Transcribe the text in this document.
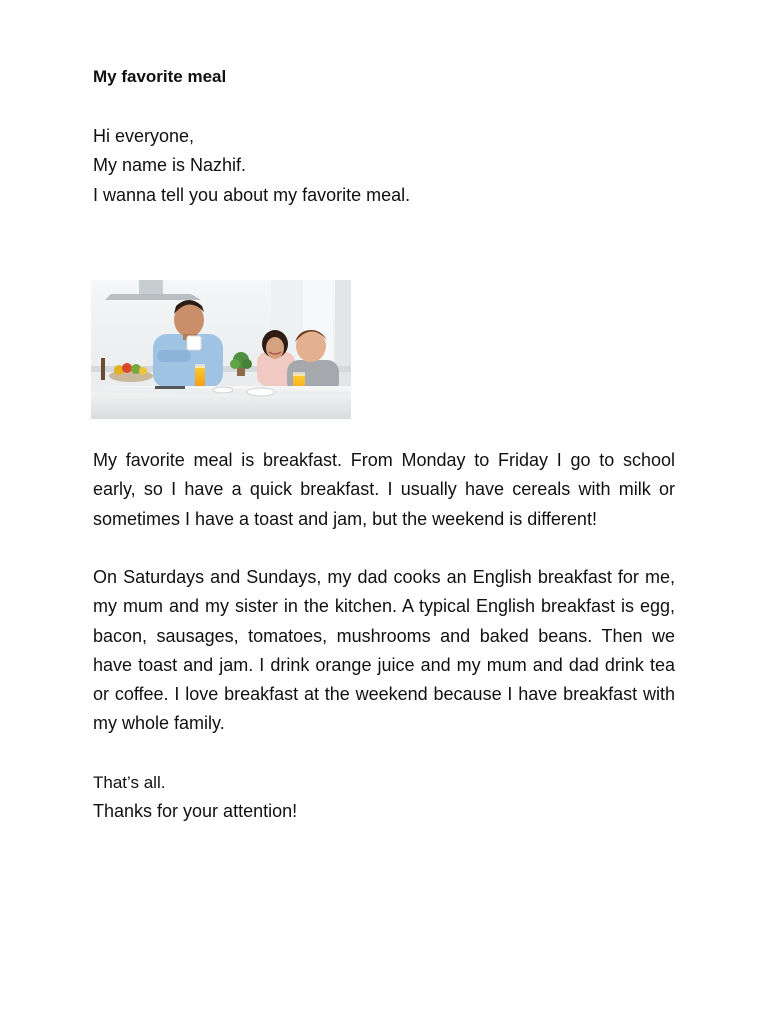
My favorite meal

Hi everyone,

My name is Nazhif.

I wanna tell you about my favorite meal.

My favorite meal is breakfast. From Monday to Friday I go to school early, so I have a quick breakfast. I usually have cereals with milk or sometimes I have a toast and jam, but the weekend is different!

On Saturdays and Sundays, my dad cooks an English breakfast for me, my mum and my sister in the kitchen. A typical English breakfast is egg, bacon, sausages, tomatoes, mushrooms and baked beans. Then we have toast and jam. I drink orange juice and my mum and dad drink tea or coffee. I love breakfast at the weekend because I have breakfast with my whole family.

That’s all.

Thanks for your attention!
